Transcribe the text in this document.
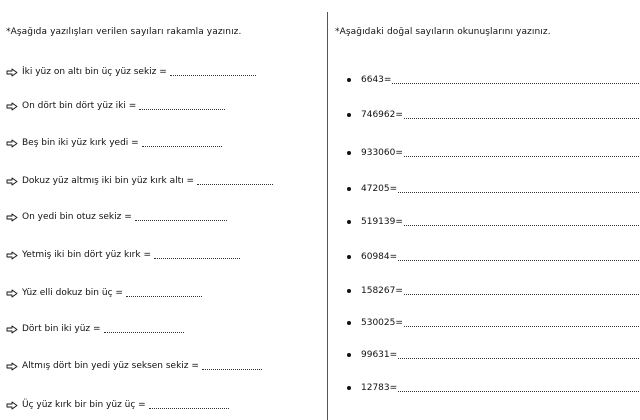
*Aşağıda yazılışları verilen sayıları rakamla yazınız.
İki yüz on altı bin üç yüz sekiz =
On dört bin dört yüz iki =
Beş bin iki yüz kırk yedi =
Dokuz yüz altmış iki bin yüz kırk altı =
On yedi bin otuz sekiz =
Yetmiş iki bin dört yüz kırk =
Yüz elli dokuz bin üç =
Dört bin iki yüz =
Altmış dört bin yedi yüz seksen sekiz =
Üç yüz kırk bir bin yüz üç =
*Aşağıdaki doğal sayıların okunuşlarını yazınız.
6643=
746962=
933060=
47205=
519139=
60984=
158267=
530025=
99631=
12783=
